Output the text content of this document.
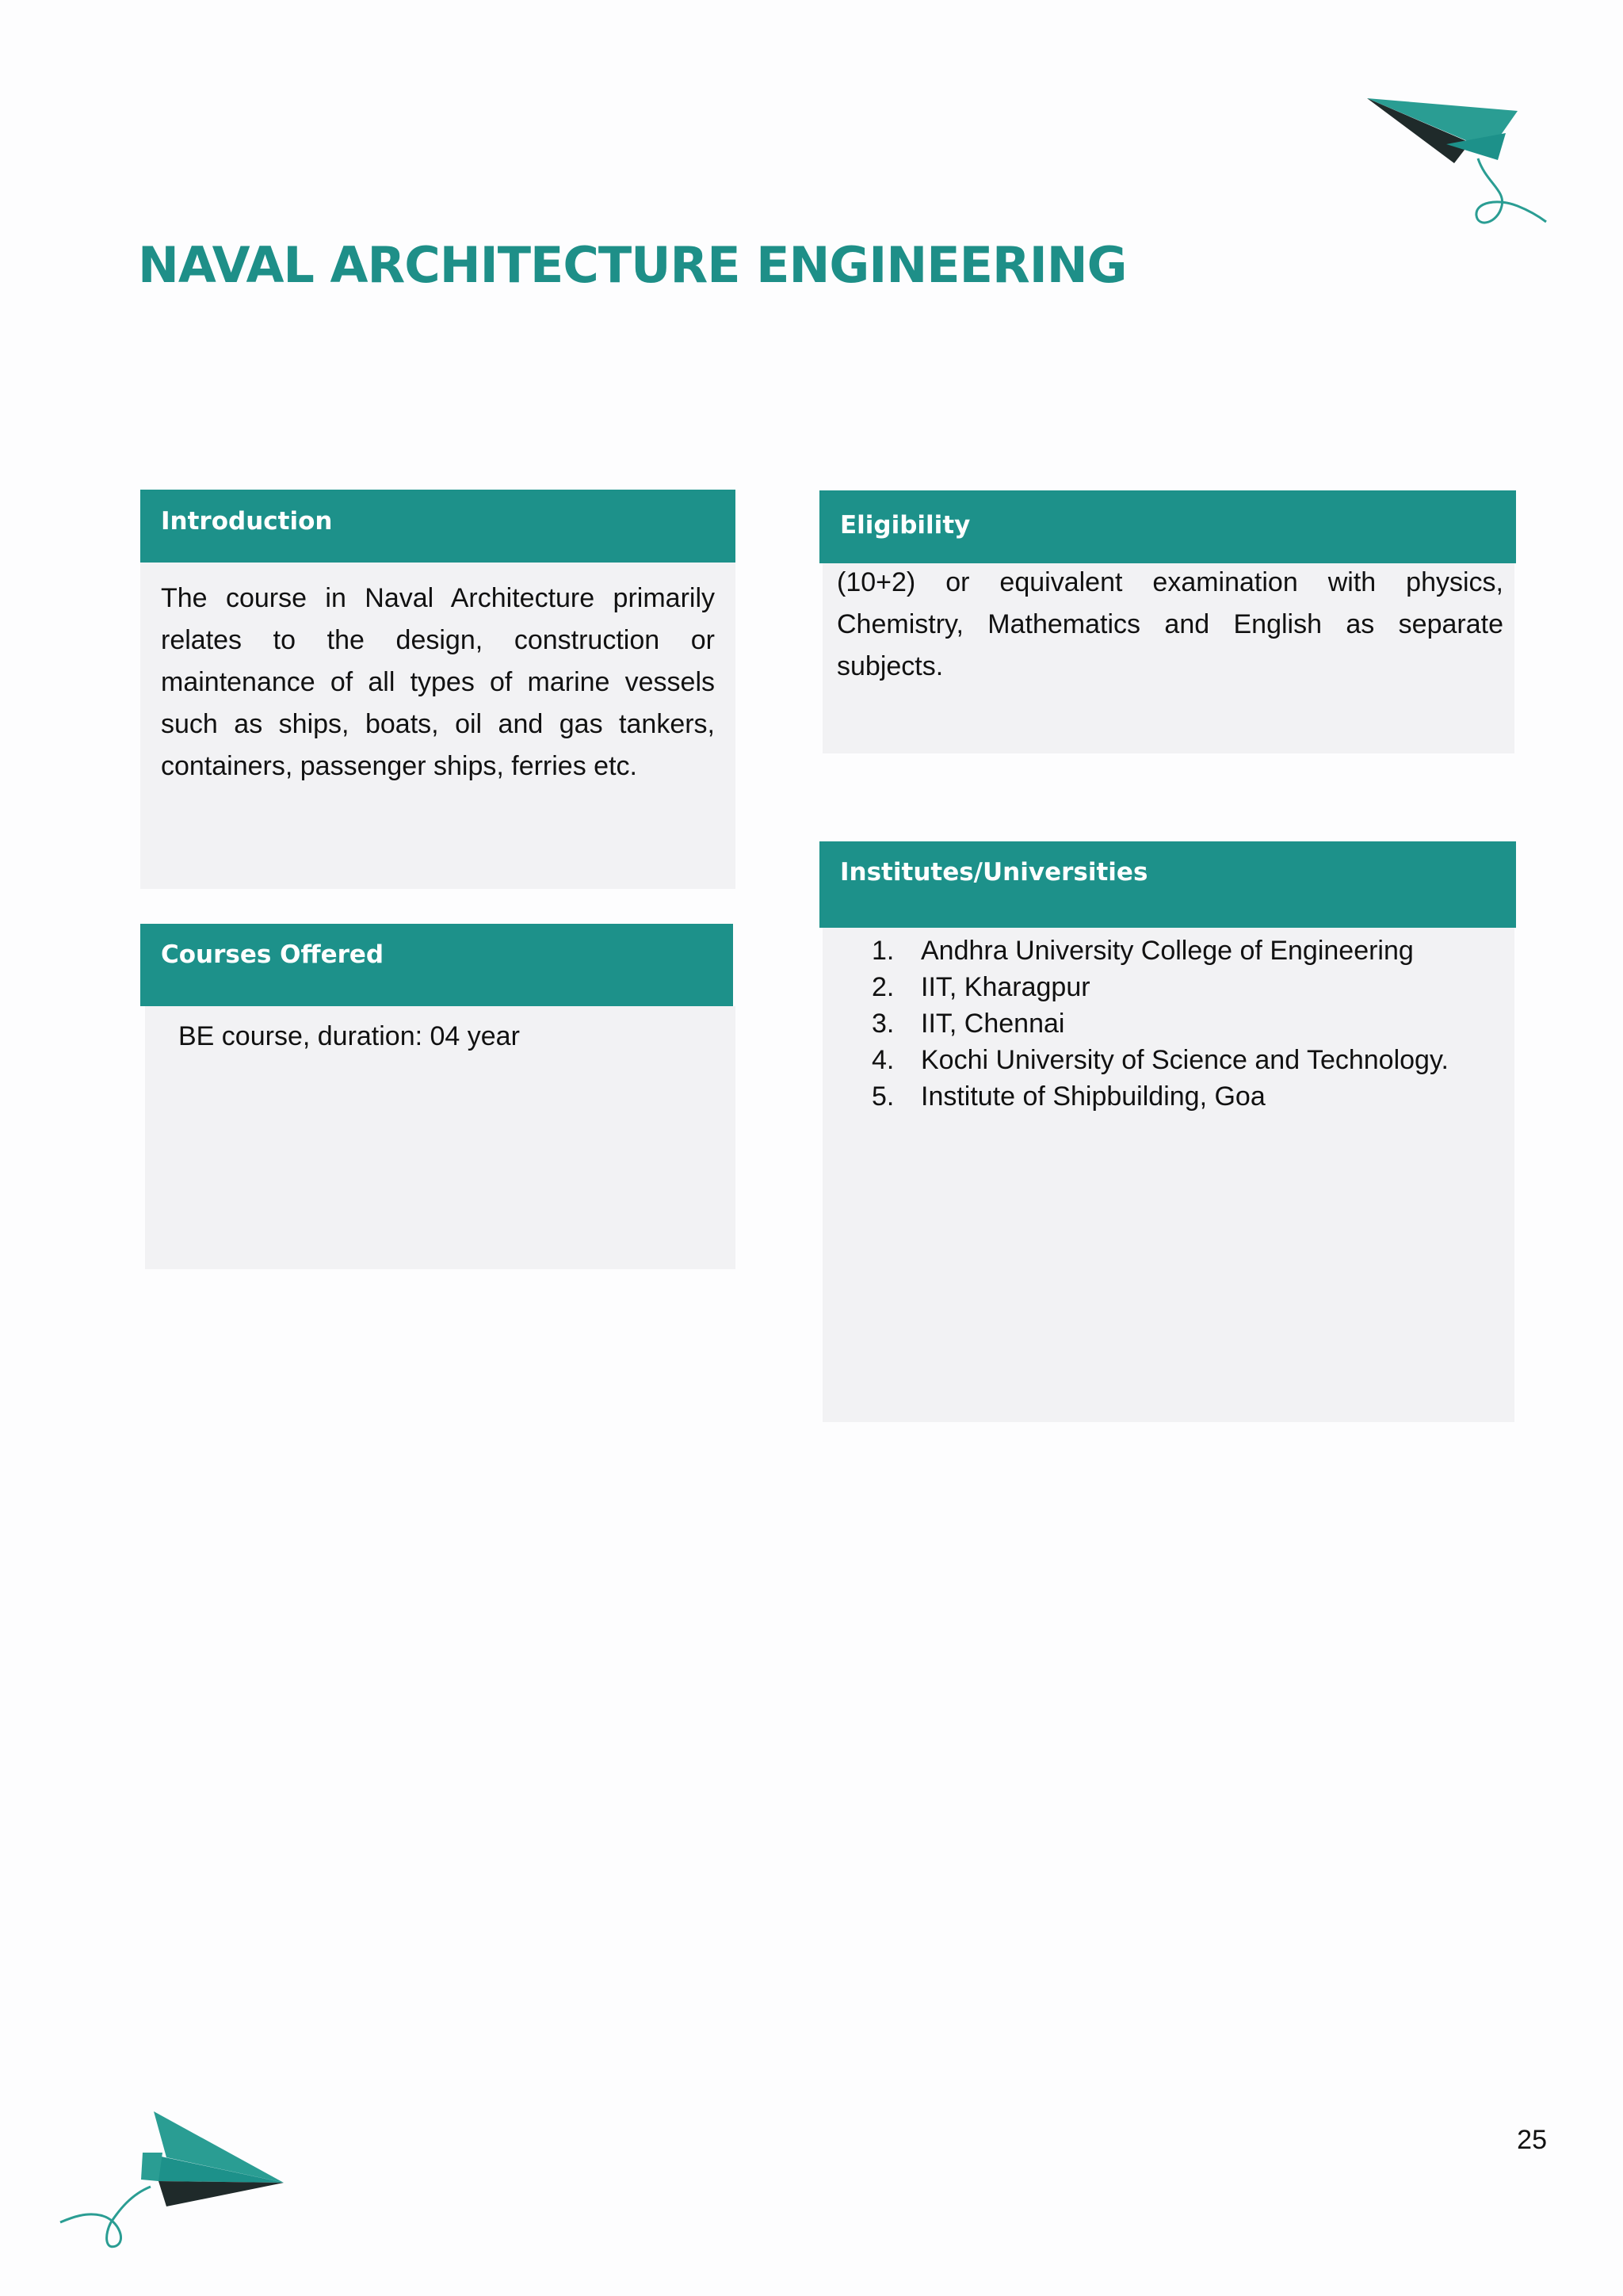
NAVAL ARCHITECTURE ENGINEERING
Introduction

The course in Naval Architecture primarily relates to the design, construction or maintenance of all types of marine vessels such as ships, boats, oil and gas tankers, containers, passenger ships, ferries etc.

Courses Offered

BE course, duration: 04 year

Eligibility

(10+2) or equivalent examination with physics, Chemistry, Mathematics and English as separate subjects.

Institutes/Universities
1. Andhra University College of Engineering
2. IIT, Kharagpur
3. IIT, Chennai
4. Kochi University of Science and Technology.
5. Institute of Shipbuilding, Goa
25
